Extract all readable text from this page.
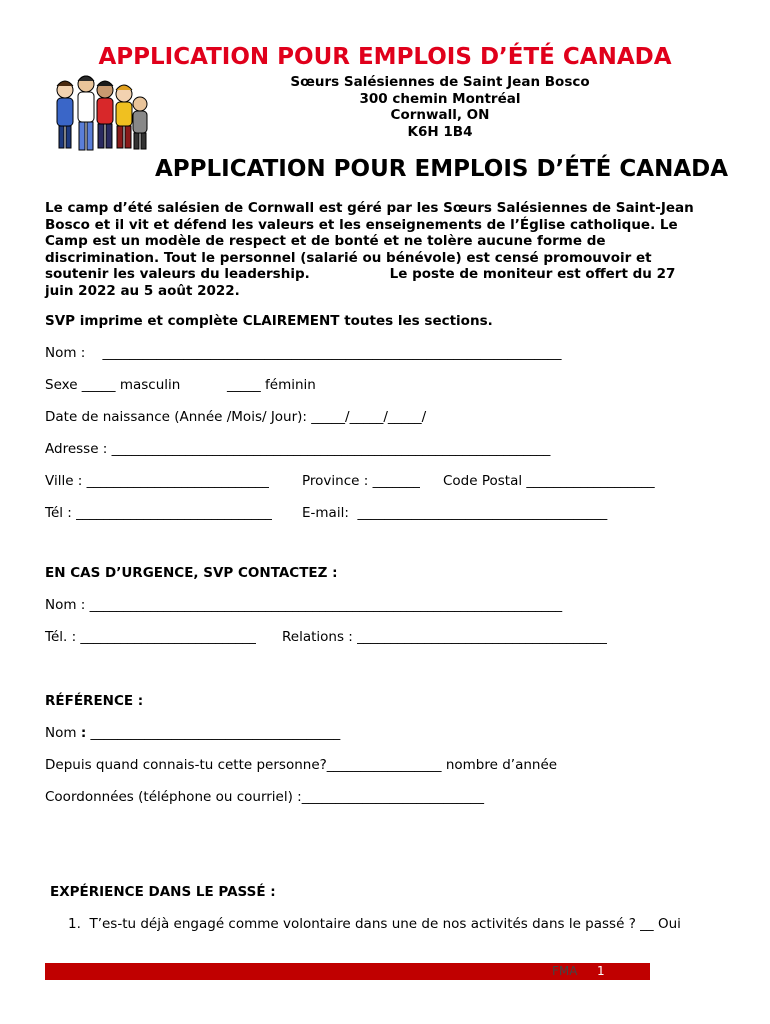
APPLICATION POUR EMPLOIS D’ÉTÉ CANADA
Sœurs Salésiennes de Saint Jean Bosco
300 chemin Montréal
Cornwall, ON
K6H 1B4
APPLICATION POUR EMPLOIS D’ÉTÉ CANADA
Le camp d’été salésien de Cornwall est géré par les Sœurs Salésiennes de Saint-Jean
Bosco et il vit et défend les valeurs et les enseignements de l’Église catholique. Le
Camp est un modèle de respect et de bonté et ne tolère aucune forme de
discrimination. Tout le personnel (salarié ou bénévole) est censé promouvoir et
soutenir les valeurs du leadership.                 Le poste de moniteur est offert du 27
juin 2022 au 5 août 2022.
SVP imprime et complète CLAIREMENT toutes les sections.
Nom :    ____________________________________________________________________
Sexe _____ masculin	_____ féminin
Date de naissance (Année /Mois/ Jour): _____/_____/_____/
Adresse : _________________________________________________________________
Ville : ___________________________ Province : _______ Code Postal ___________________
Tél : _____________________________ E-mail:  _____________________________________
EN CAS D’URGENCE, SVP CONTACTEZ :
Nom : ______________________________________________________________________
Tél. : __________________________ Relations : _____________________________________
RÉFÉRENCE :
Nom : _____________________________________
Depuis quand connais-tu cette personne?_________________ nombre d’année
Coordonnées (téléphone ou courriel) :___________________________
EXPÉRIENCE DANS LE PASSÉ :
1.  T’es-tu déjà engagé comme volontaire dans une de nos activités dans le passé ? __ Oui
FMA 1
